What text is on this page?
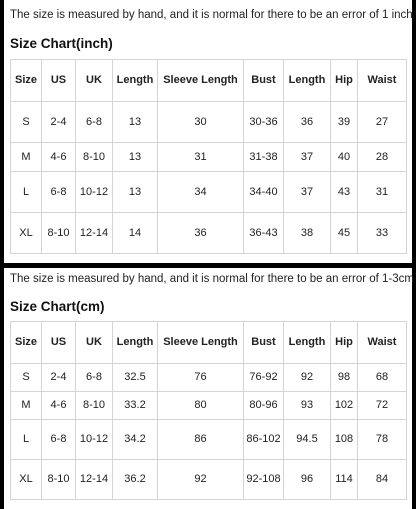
The size is measured by hand, and it is normal for there to be an error of 1 inch
Size Chart(inch)
Size	US	UK	Length	Sleeve Length	Bust	Length	Hip	Waist
S	2-4	6-8	13	30	30-36	36	39	27
M	4-6	8-10	13	31	31-38	37	40	28
L	6-8	10-12	13	34	34-40	37	43	31
XL	8-10	12-14	14	36	36-43	38	45	33
The size is measured by hand, and it is normal for there to be an error of 1-3cm
Size Chart(cm)
Size	US	UK	Length	Sleeve Length	Bust	Length	Hip	Waist
S	2-4	6-8	32.5	76	76-92	92	98	68
M	4-6	8-10	33.2	80	80-96	93	102	72
L	6-8	10-12	34.2	86	86-102	94.5	108	78
XL	8-10	12-14	36.2	92	92-108	96	114	84
